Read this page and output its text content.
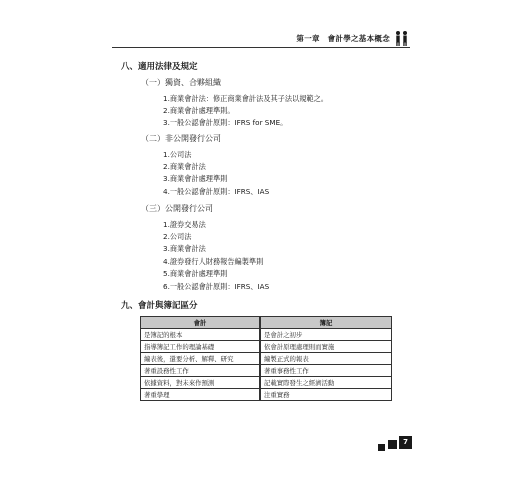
第一章　會計學之基本概念
八、適用法律及規定
（一）獨資、合夥組織
1.商業會計法：修正商業會計法及其子法以規範之。
2.商業會計處理準則。
3.一般公認會計原則：IFRS for SME。
（二）非公開發行公司
1.公司法
2.商業會計法
3.商業會計處理準則
4.一般公認會計原則：IFRS、IAS
（三）公開發行公司
1.證券交易法
2.公司法
3.商業會計法
4.證券發行人財務報告編製準則
5.商業會計處理準則
6.一般公認會計原則：IFRS、IAS
九、會計與簿記區分
會計		簿記
是簿記的根本		是會計之初步
指導簿記工作的理論基礎		依會計原理處理則而實施
編表後，還要分析、解釋、研究		編製正式的報表
著重設務性工作		著重事務性工作
依據資料，對未來作預測		記載實際發生之經濟活動
著重學理		注重實務
7
